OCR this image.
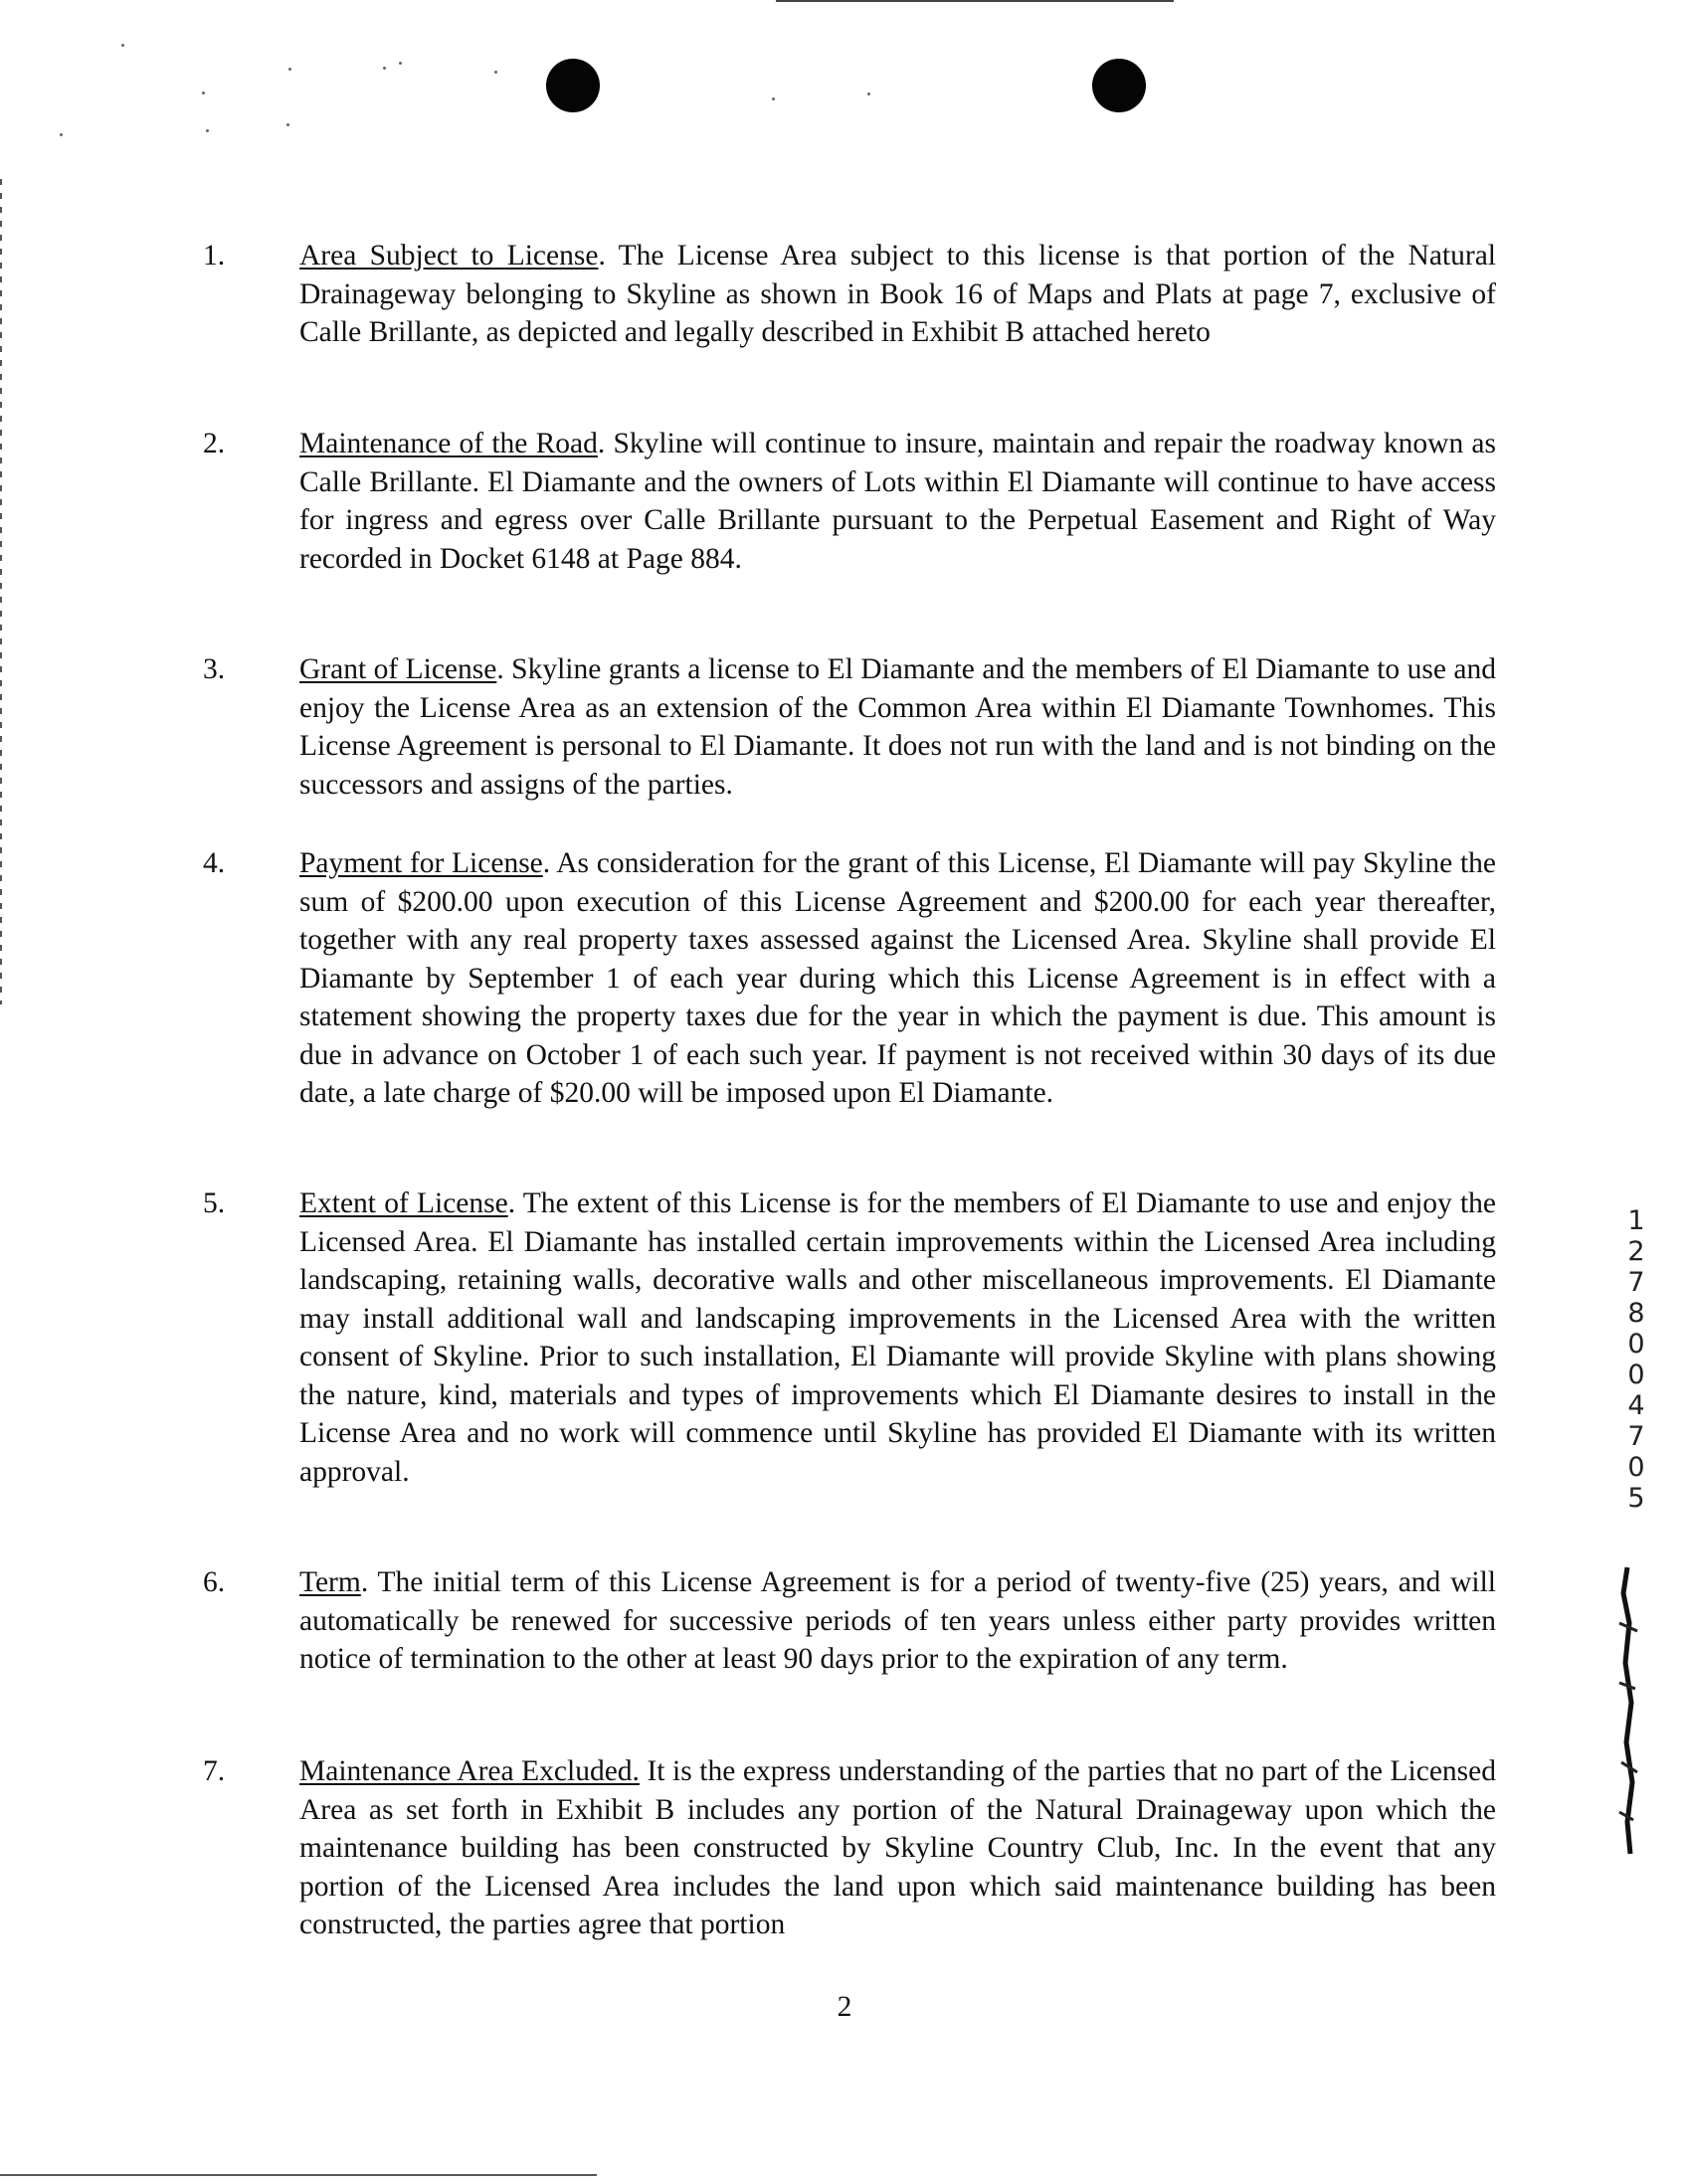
1.	Area Subject to License. The License Area subject to this license is that portion of the Natural Drainageway belonging to Skyline as shown in Book 16 of Maps and Plats at page 7, exclusive of Calle Brillante, as depicted and legally described in Exhibit B attached hereto
2.	Maintenance of the Road. Skyline will continue to insure, maintain and repair the roadway known as Calle Brillante. El Diamante and the owners of Lots within El Diamante will continue to have access for ingress and egress over Calle Brillante pursuant to the Perpetual Easement and Right of Way recorded in Docket 6148 at Page 884.
3.	Grant of License. Skyline grants a license to El Diamante and the members of El Diamante to use and enjoy the License Area as an extension of the Common Area within El Diamante Townhomes. This License Agreement is personal to El Diamante. It does not run with the land and is not binding on the successors and assigns of the parties.
4.	Payment for License. As consideration for the grant of this License, El Diamante will pay Skyline the sum of $200.00 upon execution of this License Agreement and $200.00 for each year thereafter, together with any real property taxes assessed against the Licensed Area. Skyline shall provide El Diamante by September 1 of each year during which this License Agreement is in effect with a statement showing the property taxes due for the year in which the payment is due. This amount is due in advance on October 1 of each such year. If payment is not received within 30 days of its due date, a late charge of $20.00 will be imposed upon El Diamante.
5.	Extent of License. The extent of this License is for the members of El Diamante to use and enjoy the Licensed Area. El Diamante has installed certain improvements within the Licensed Area including landscaping, retaining walls, decorative walls and other miscellaneous improvements. El Diamante may install additional wall and landscaping improvements in the Licensed Area with the written consent of Skyline. Prior to such installation, El Diamante will provide Skyline with plans showing the nature, kind, materials and types of improvements which El Diamante desires to install in the License Area and no work will commence until Skyline has provided El Diamante with its written approval.
6.	Term. The initial term of this License Agreement is for a period of twenty-five (25) years, and will automatically be renewed for successive periods of ten years unless either party provides written notice of termination to the other at least 90 days prior to the expiration of any term.
7.	Maintenance Area Excluded. It is the express understanding of the parties that no part of the Licensed Area as set forth in Exhibit B includes any portion of the Natural Drainageway upon which the maintenance building has been constructed by Skyline Country Club, Inc. In the event that any portion of the Licensed Area includes the land upon which said maintenance building has been constructed, the parties agree that portion
2
1 2 7 8 0 0 4 7 0 5
